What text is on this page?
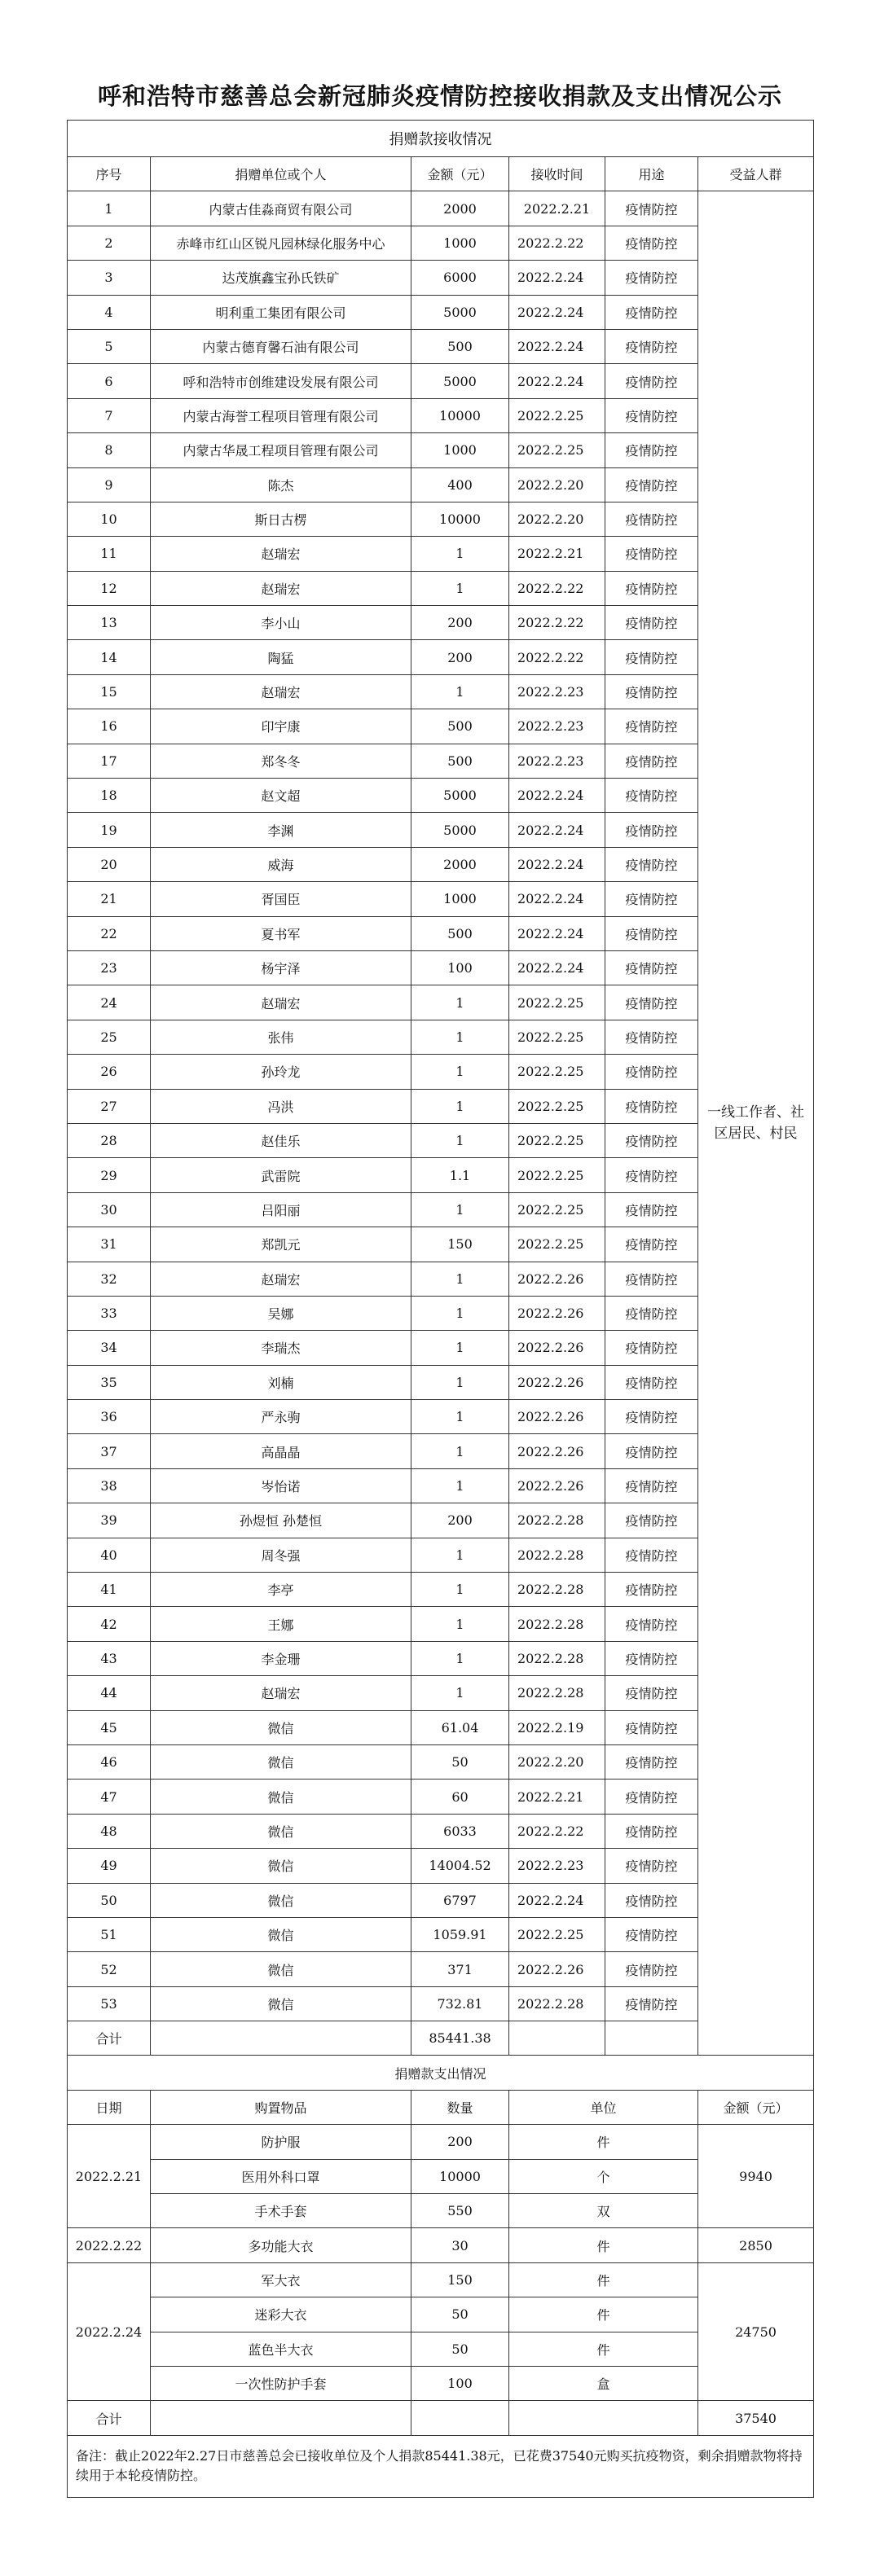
呼和浩特市慈善总会新冠肺炎疫情防控接收捐款及支出情况公示
捐赠款接收情况					
序号	捐赠单位或个人	金额（元）	接收时间	用途	受益人群
1	内蒙古佳淼商贸有限公司	2000	2022.2.21	疫情防控	一线工作者、社区居民、村民
2	赤峰市红山区锐凡园林绿化服务中心	1000	2022.2.22	疫情防控	
3	达茂旗鑫宝孙氏铁矿	6000	2022.2.24	疫情防控	
4	明利重工集团有限公司	5000	2022.2.24	疫情防控	
5	内蒙古德育馨石油有限公司	500	2022.2.24	疫情防控	
6	呼和浩特市创维建设发展有限公司	5000	2022.2.24	疫情防控	
7	内蒙古海誉工程项目管理有限公司	10000	2022.2.25	疫情防控	
8	内蒙古华晟工程项目管理有限公司	1000	2022.2.25	疫情防控	
9	陈杰	400	2022.2.20	疫情防控	
10	斯日古楞	10000	2022.2.20	疫情防控	
11	赵瑞宏	1	2022.2.21	疫情防控	
12	赵瑞宏	1	2022.2.22	疫情防控	
13	李小山	200	2022.2.22	疫情防控	
14	陶猛	200	2022.2.22	疫情防控	
15	赵瑞宏	1	2022.2.23	疫情防控	
16	印宇康	500	2022.2.23	疫情防控	
17	郑冬冬	500	2022.2.23	疫情防控	
18	赵文超	5000	2022.2.24	疫情防控	
19	李渊	5000	2022.2.24	疫情防控	
20	威海	2000	2022.2.24	疫情防控	
21	胥国臣	1000	2022.2.24	疫情防控	
22	夏书军	500	2022.2.24	疫情防控	
23	杨宇泽	100	2022.2.24	疫情防控	
24	赵瑞宏	1	2022.2.25	疫情防控	
25	张伟	1	2022.2.25	疫情防控	
26	孙玲龙	1	2022.2.25	疫情防控	
27	冯洪	1	2022.2.25	疫情防控	
28	赵佳乐	1	2022.2.25	疫情防控	
29	武雷院	1.1	2022.2.25	疫情防控	
30	吕阳丽	1	2022.2.25	疫情防控	
31	郑凯元	150	2022.2.25	疫情防控	
32	赵瑞宏	1	2022.2.26	疫情防控	
33	吴娜	1	2022.2.26	疫情防控	
34	李瑞杰	1	2022.2.26	疫情防控	
35	刘楠	1	2022.2.26	疫情防控	
36	严永驹	1	2022.2.26	疫情防控	
37	高晶晶	1	2022.2.26	疫情防控	
38	岑怡诺	1	2022.2.26	疫情防控	
39	孙煜恒 孙楚恒	200	2022.2.28	疫情防控	
40	周冬强	1	2022.2.28	疫情防控	
41	李亭	1	2022.2.28	疫情防控	
42	王娜	1	2022.2.28	疫情防控	
43	李金珊	1	2022.2.28	疫情防控	
44	赵瑞宏	1	2022.2.28	疫情防控	
45	微信	61.04	2022.2.19	疫情防控	
46	微信	50	2022.2.20	疫情防控	
47	微信	60	2022.2.21	疫情防控	
48	微信	6033	2022.2.22	疫情防控	
49	微信	14004.52	2022.2.23	疫情防控	
50	微信	6797	2022.2.24	疫情防控	
51	微信	1059.91	2022.2.25	疫情防控	
52	微信	371	2022.2.26	疫情防控	
53	微信	732.81	2022.2.28	疫情防控	
合计		85441.38			
捐赠款支出情况					
日期	购置物品	数量	单位		金额（元）
2022.2.21	防护服	200	件		9940
	医用外科口罩	10000	个		
	手术手套	550	双		
2022.2.22	多功能大衣	30	件		2850
2022.2.24	军大衣	150	件		24750
	迷彩大衣	50	件		
	蓝色半大衣	50	件		
	一次性防护手套	100	盒		
合计					37540
备注：截止2022年2.27日市慈善总会已接收单位及个人捐款85441.38元，已花费37540元购买抗疫物资，剩余捐赠款物将持续用于本轮疫情防控。					
